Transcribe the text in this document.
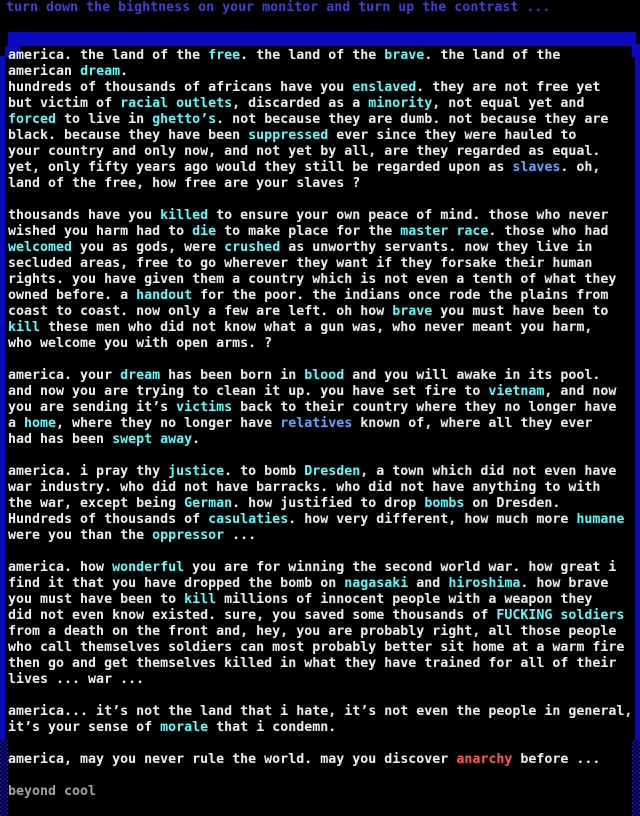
turn down the bightness on your monitor and turn up the contrast ...
america. the land of the free. the land of the brave. the land of the
american dream.
hundreds of thousands of africans have you enslaved. they are not free yet
but victim of racial outlets, discarded as a minority, not equal yet and
forced to live in ghetto’s. not because they are dumb. not because they are
black. because they have been suppressed ever since they were hauled to
your country and only now, and not yet by all, are they regarded as equal.
yet, only fifty years ago would they still be regarded upon as slaves. oh,
land of the free, how free are your slaves ?
thousands have you killed to ensure your own peace of mind. those who never
wished you harm had to die to make place for the master race. those who had
welcomed you as gods, were crushed as unworthy servants. now they live in
secluded areas, free to go wherever they want if they forsake their human
rights. you have given them a country which is not even a tenth of what they
owned before. a handout for the poor. the indians once rode the plains from
coast to coast. now only a few are left. oh how brave you must have been to
kill these men who did not know what a gun was, who never meant you harm,
who welcome you with open arms. ?
america. your dream has been born in blood and you will awake in its pool.
and now you are trying to clean it up. you have set fire to vietnam, and now
you are sending it’s victims back to their country where they no longer have
a home, where they no longer have relatives known of, where all they ever
had has been swept away.
america. i pray thy justice. to bomb Dresden, a town which did not even have
war industry. who did not have barracks. who did not have anything to with
the war, except being German. how justified to drop bombs on Dresden.
Hundreds of thousands of casulaties. how very different, how much more humane
were you than the oppressor ...
america. how wonderful you are for winning the second world war. how great i
find it that you have dropped the bomb on nagasaki and hiroshima. how brave
you must have been to kill millions of innocent people with a weapon they
did not even know existed. sure, you saved some thousands of FUCKING soldiers
from a death on the front and, hey, you are probably right, all those people
who call themselves soldiers can most probably better sit home at a warm fire
then go and get themselves killed in what they have trained for all of their
lives ... war ...
america... it’s not the land that i hate, it’s not even the people in general,
it’s your sense of morale that i condemn.
america, may you never rule the world. may you discover anarchy before ...
beyond cool
